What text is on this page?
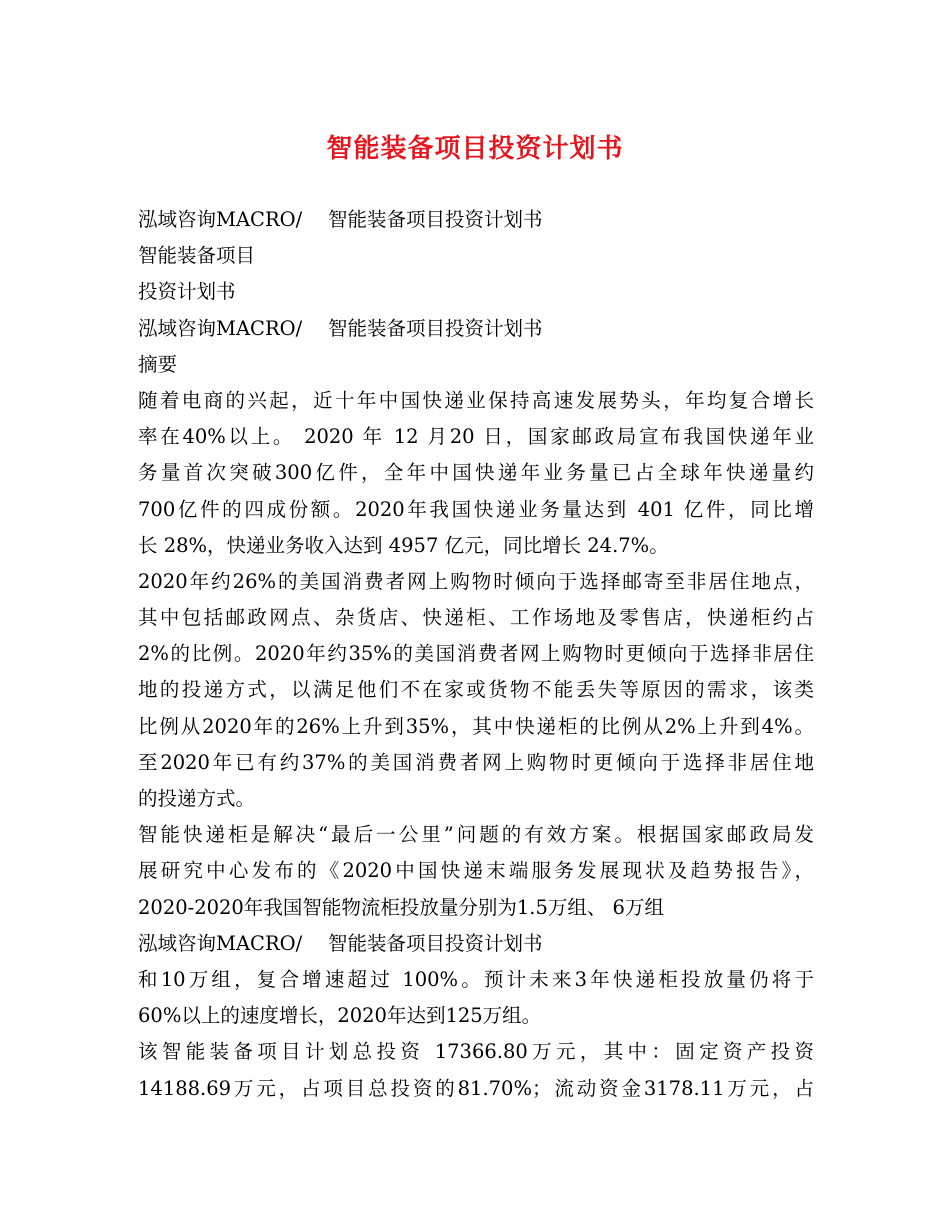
智能装备项目投资计划书
泓域咨询MACRO/	智能装备项目投资计划书
智能装备项目
投资计划书
泓域咨询MACRO/	智能装备项目投资计划书
摘要
随着电商的兴起，近十年中国快递业保持高速发展势头，年均复合增长
率在40%以上。 2020 年 12 月20 日，国家邮政局宣布我国快递年业
务量首次突破300亿件，全年中国快递年业务量已占全球年快递量约
700亿件的四成份额。2020年我国快递业务量达到 401 亿件，同比增
长 28%，快递业务收入达到 4957 亿元，同比增长 24.7%。
2020年约26%的美国消费者网上购物时倾向于选择邮寄至非居住地点，
其中包括邮政网点、杂货店、快递柜、工作场地及零售店，快递柜约占
2%的比例。2020年约35%的美国消费者网上购物时更倾向于选择非居住
地的投递方式，以满足他们不在家或货物不能丢失等原因的需求，该类
比例从2020年的26%上升到35%，其中快递柜的比例从2%上升到4%。
至2020年已有约37%的美国消费者网上购物时更倾向于选择非居住地
的投递方式。
智能快递柜是解决“最后一公里”问题的有效方案。根据国家邮政局发
展研究中心发布的《2020中国快递末端服务发展现状及趋势报告》，
2020-2020年我国智能物流柜投放量分别为1.5万组、 6万组
泓域咨询MACRO/	智能装备项目投资计划书
和10万组，复合增速超过 100%。预计未来3年快递柜投放量仍将于
60%以上的速度增长，2020年达到125万组。
该智能装备项目计划总投资 17366.80万元，其中：固定资产投资
14188.69万元，占项目总投资的81.70%；流动资金3178.11万元，占
